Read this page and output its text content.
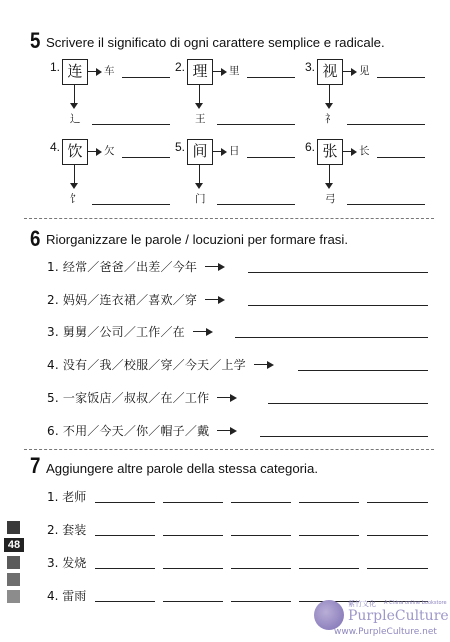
5 Scrivere il significato di ogni carattere semplice e radicale.
1. 连	车
辶
2. 理	里
王
3. 视	见
礻
4. 饮	欠
饣
5. 间	日
门
6. 张	长
弓
6 Riorganizzare le parole / locuzioni per formare frasi.
1. 经常／爸爸／出差／今年
2. 妈妈／连衣裙／喜欢／穿
3. 舅舅／公司／工作／在
4. 没有／我／校服／穿／今天／上学
5. 一家饭店／叔叔／在／工作
6. 不用／今天／你／帽子／戴
7 Aggiungere altre parole della stessa categoria.
1. 老师
2. 套装
3. 发烧
4. 雷雨
48
紫竹文化 A China online bookstore
PurpleCulture
www.PurpleCulture.net
